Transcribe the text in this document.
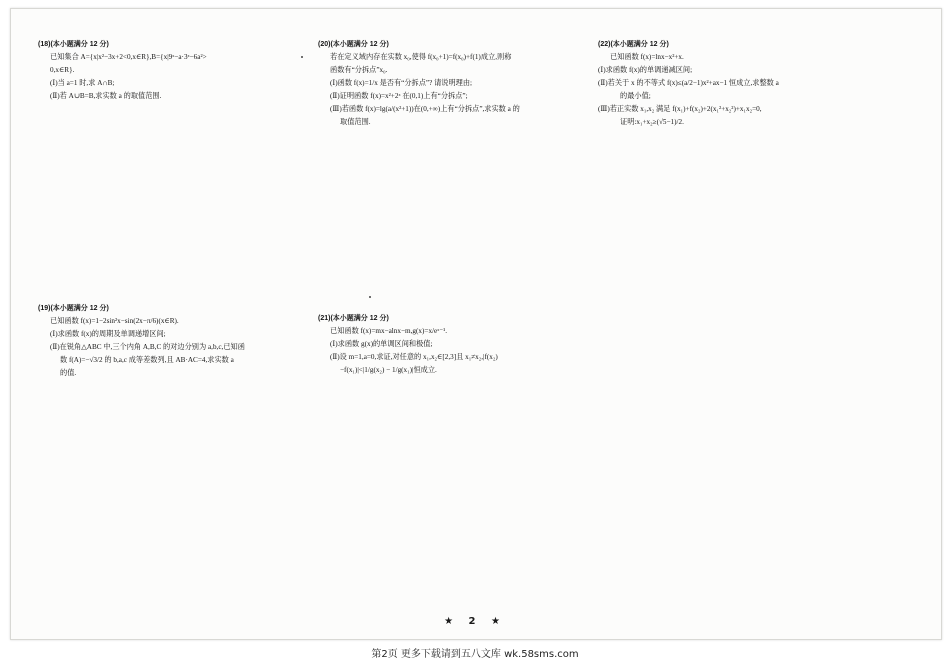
(18)(本小题满分 12 分)
已知集合 A={x|x²−3x+2<0,x∈R},B={x|9ˣ−a·3ˣ−6a²>
0,x∈R}.
(Ⅰ)当 a=1 时,求 A∩B;
(Ⅱ)若 A∪B=B,求实数 a 的取值范围.
(20)(本小题满分 12 分)
若在定义域内存在实数 x₀,使得 f(x₀+1)=f(x₀)+f(1)成立,则称
函数有“分拆点”x₀.
(Ⅰ)函数 f(x)=1/x 是否有“分拆点”? 请说明理由;
(Ⅱ)证明函数 f(x)=x²+2ˣ 在(0,1)上有“分拆点”;
(Ⅲ)若函数 f(x)=lg(a/(x²+1))在(0,+∞)上有“分拆点”,求实数 a 的
取值范围.
(22)(本小题满分 12 分)
已知函数 f(x)=lnx−x²+x.
(Ⅰ)求函数 f(x)的单调递减区间;
(Ⅱ)若关于 x 的不等式 f(x)≤(a/2−1)x²+ax−1 恒成立,求整数 a
的最小值;
(Ⅲ)若正实数 x₁,x₂ 满足 f(x₁)+f(x₂)+2(x₁²+x₂²)+x₁x₂=0,
证明:x₁+x₂≥(√5−1)/2.
(19)(本小题满分 12 分)
已知函数 f(x)=1−2sin²x−sin(2x−π/6)(x∈R).
(Ⅰ)求函数 f(x)的周期及单调递增区间;
(Ⅱ)在锐角△ABC 中,三个内角 A,B,C 的对边分别为 a,b,c,已知函
数 f(A)=−√3/2 的 b,a,c 成等差数列,且 AB·AC=4,求实数 a
的值.
(21)(本小题满分 12 分)
已知函数 f(x)=mx−alnx−m,g(x)=x/eˣ⁻¹.
(Ⅰ)求函数 g(x)的单调区间和极值;
(Ⅱ)设 m=1,a=0,求证,对任意的 x₁,x₂∈[2,3]且 x₁≠x₂,|f(x₂)
−f(x₁)|<|1/g(x₂) − 1/g(x₁)|恒成立.
★ 2 ★
第2页 更多下载请到五八文库 wk.58sms.com
